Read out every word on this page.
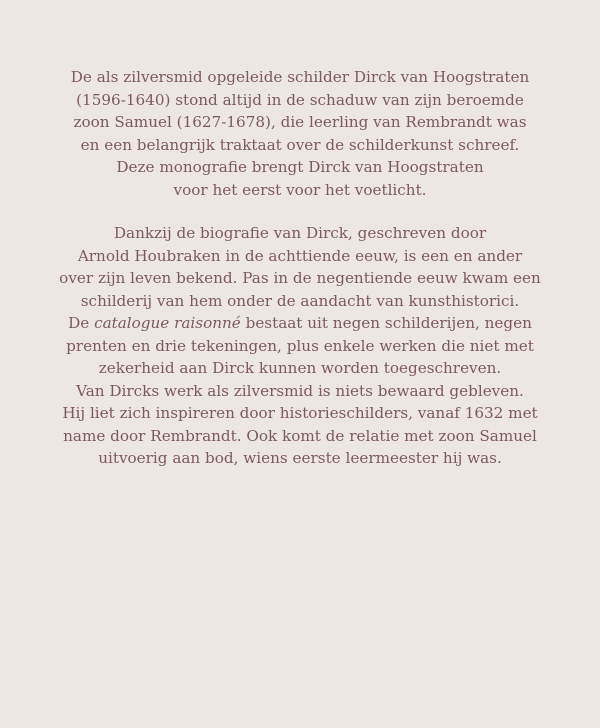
De als zilversmid opgeleide schilder Dirck van Hoogstraten
(1596-1640) stond altijd in de schaduw van zijn beroemde
zoon Samuel (1627-1678), die leerling van Rembrandt was
en een belangrijk traktaat over de schilderkunst schreef.
Deze monografie brengt Dirck van Hoogstraten
voor het eerst voor het voetlicht.
Dankzij de biografie van Dirck, geschreven door
Arnold Houbraken in de achttiende eeuw, is een en ander
over zijn leven bekend. Pas in de negentiende eeuw kwam een
schilderij van hem onder de aandacht van kunsthistorici.
De catalogue raisonné bestaat uit negen schilderijen, negen
prenten en drie tekeningen, plus enkele werken die niet met
zekerheid aan Dirck kunnen worden toegeschreven.
Van Dircks werk als zilversmid is niets bewaard gebleven.
Hij liet zich inspireren door historieschilders, vanaf 1632 met
name door Rembrandt. Ook komt de relatie met zoon Samuel
uitvoerig aan bod, wiens eerste leermeester hij was.
